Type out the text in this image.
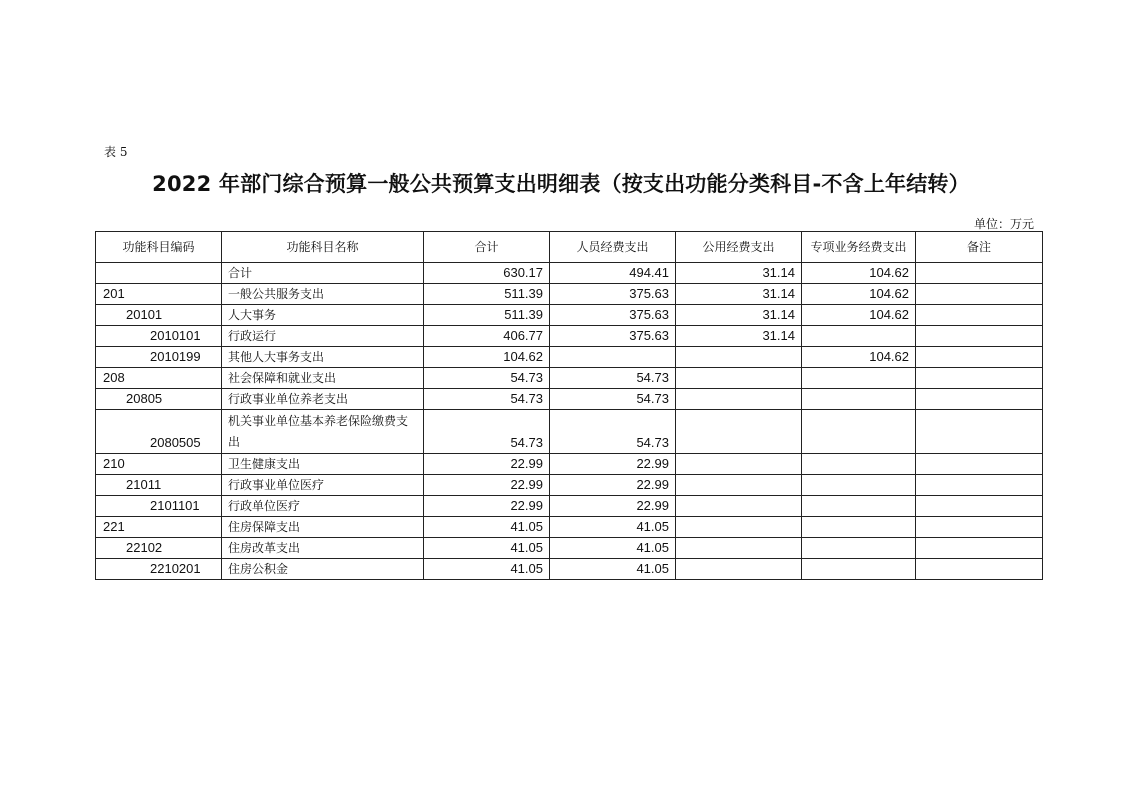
表 5
2022 年部门综合预算一般公共预算支出明细表（按支出功能分类科目-不含上年结转）
单位：万元
功能科目编码	功能科目名称	合计	人员经费支出	公用经费支出	专项业务经费支出	备注
	合计	630.17	494.41	31.14	104.62	
201	一般公共服务支出	511.39	375.63	31.14	104.62	
20101	人大事务	511.39	375.63	31.14	104.62	
2010101	行政运行	406.77	375.63	31.14		
2010199	其他人大事务支出	104.62			104.62	
208	社会保障和就业支出	54.73	54.73			
20805	行政事业单位养老支出	54.73	54.73			
2080505	机关事业单位基本养老保险缴费支出	54.73	54.73			
210	卫生健康支出	22.99	22.99			
21011	行政事业单位医疗	22.99	22.99			
2101101	行政单位医疗	22.99	22.99			
221	住房保障支出	41.05	41.05			
22102	住房改革支出	41.05	41.05			
2210201	住房公积金	41.05	41.05			
